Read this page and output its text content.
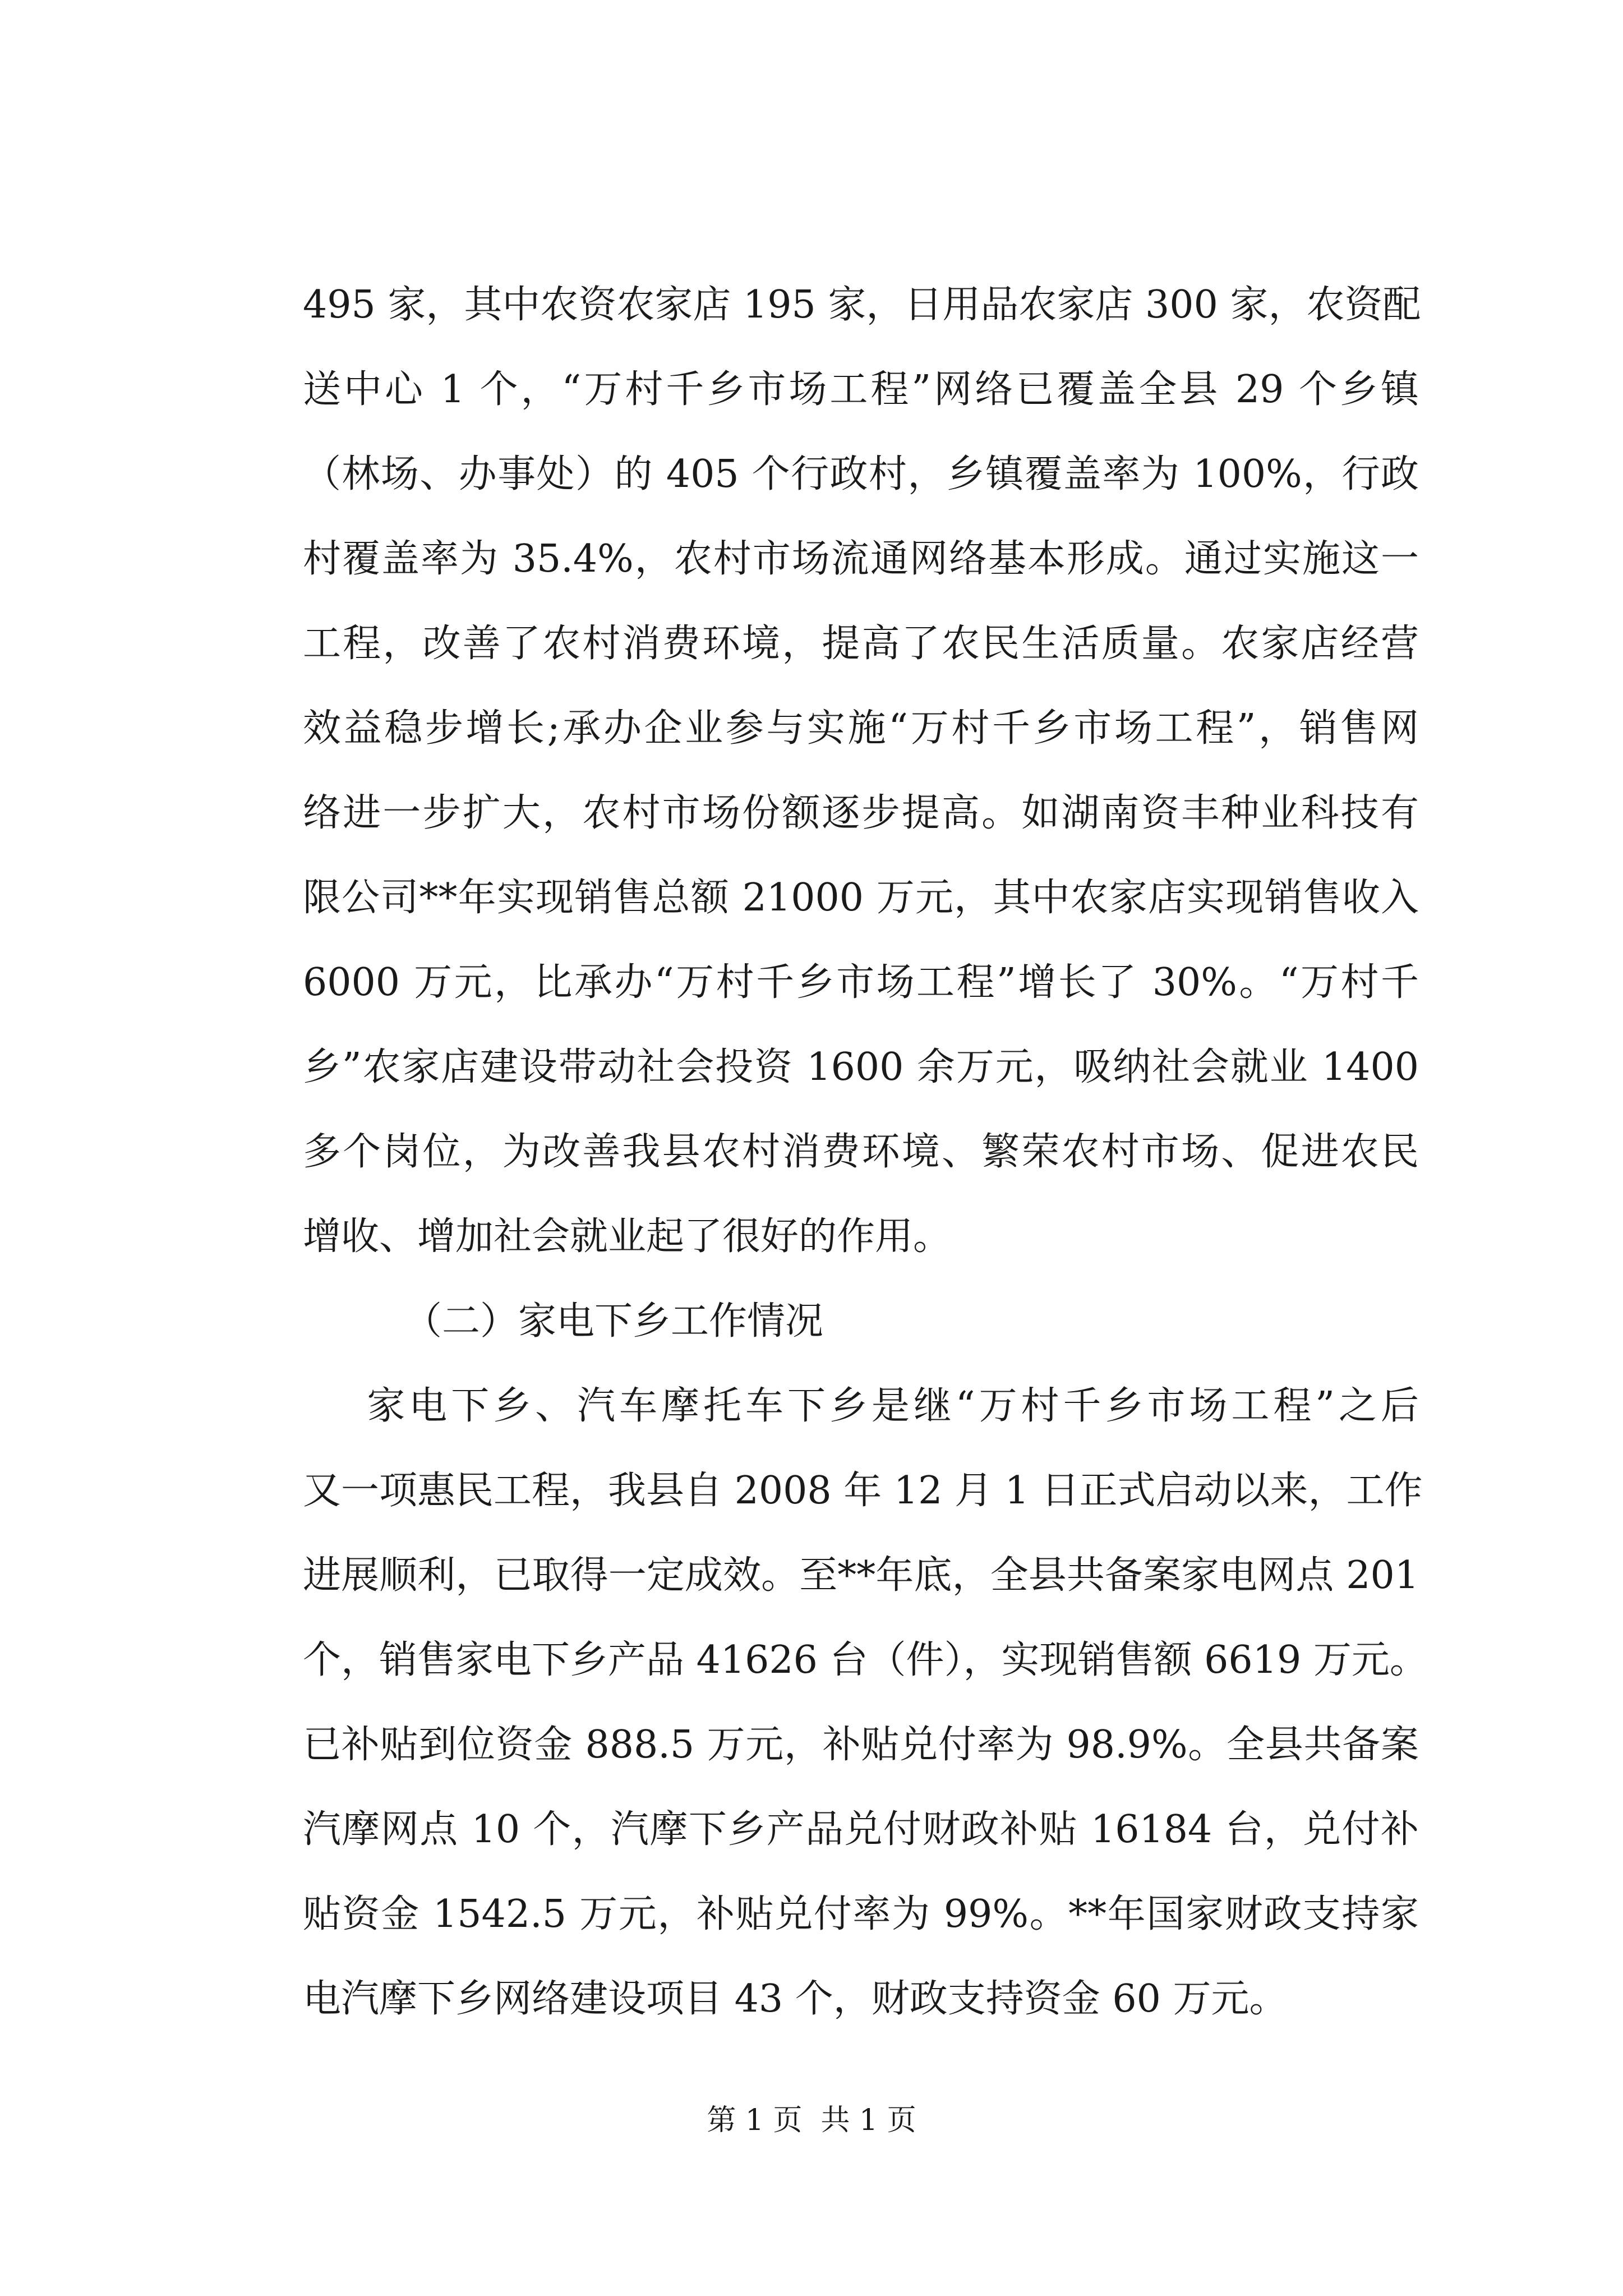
495 家，其中农资农家店 195 家，日用品农家店 300 家，农资配
送中心 1 个，“万村千乡市场工程”网络已覆盖全县 29 个乡镇
（林场、办事处）的 405 个行政村，乡镇覆盖率为 100%，行政
村覆盖率为 35.4%，农村市场流通网络基本形成。通过实施这一
工程，改善了农村消费环境，提高了农民生活质量。农家店经营
效益稳步增长;承办企业参与实施“万村千乡市场工程”，销售网
络进一步扩大，农村市场份额逐步提高。如湖南资丰种业科技有
限公司**年实现销售总额 21000 万元，其中农家店实现销售收入
6000 万元，比承办“万村千乡市场工程”增长了 30%。“万村千
乡”农家店建设带动社会投资 1600 余万元，吸纳社会就业 1400
多个岗位，为改善我县农村消费环境、繁荣农村市场、促进农民
增收、增加社会就业起了很好的作用。
（二）家电下乡工作情况
家电下乡、汽车摩托车下乡是继“万村千乡市场工程”之后
又一项惠民工程，我县自 2008 年 12 月 1 日正式启动以来，工作
进展顺利，已取得一定成效。至**年底，全县共备案家电网点 201
个，销售家电下乡产品 41626 台（件），实现销售额 6619 万元。
已补贴到位资金 888.5 万元，补贴兑付率为 98.9%。全县共备案
汽摩网点 10 个，汽摩下乡产品兑付财政补贴 16184 台，兑付补
贴资金 1542.5 万元，补贴兑付率为 99%。**年国家财政支持家
电汽摩下乡网络建设项目 43 个，财政支持资金 60 万元。
第 1 页  共 1 页
